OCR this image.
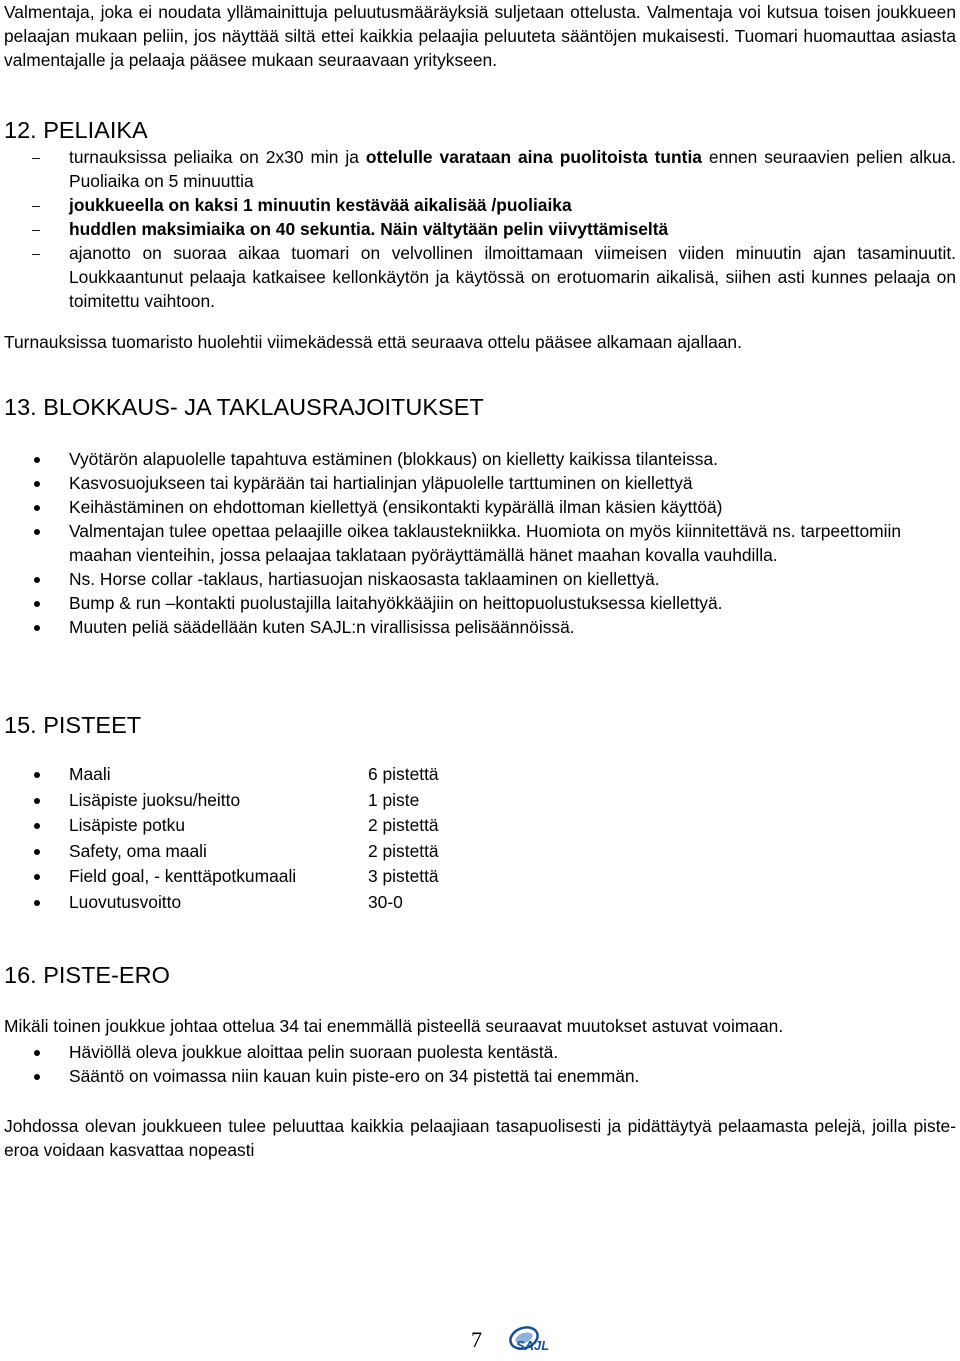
Valmentaja, joka ei noudata yllämainittuja peluutusmääräyksiä suljetaan ottelusta. Valmentaja voi kutsua toisen joukkueen pelaajan mukaan peliin, jos näyttää siltä ettei kaikkia pelaajia peluuteta sääntöjen mukaisesti. Tuomari huomauttaa asiasta valmentajalle ja pelaaja pääsee mukaan seuraavaan yritykseen.

12. PELIAIKA
– turnauksissa peliaika on 2x30 min ja ottelulle varataan aina puolitoista tuntia ennen seuraavien pelien alkua. Puoliaika on 5 minuuttia
– joukkueella on kaksi 1 minuutin kestävää aikalisää /puoliaika
– huddlen maksimiaika on 40 sekuntia. Näin vältytään pelin viivyttämiseltä
– ajanotto on suoraa aikaa tuomari on velvollinen ilmoittamaan viimeisen viiden minuutin ajan tasaminuutit. Loukkaantunut pelaaja katkaisee kellonkäytön ja käytössä on erotuomarin aikalisä, siihen asti kunnes pelaaja on toimitettu vaihtoon.

Turnauksissa tuomaristo huolehtii viimekädessä että seuraava ottelu pääsee alkamaan ajallaan.

13. BLOKKAUS- JA TAKLAUSRAJOITUKSET
Vyötärön alapuolelle tapahtuva estäminen (blokkaus) on kielletty kaikissa tilanteissa.
Kasvosuojukseen tai kypärään tai hartialinjan yläpuolelle tarttuminen on kiellettyä
Keihästäminen on ehdottoman kiellettyä (ensikontakti kypärällä ilman käsien käyttöä)
Valmentajan tulee opettaa pelaajille oikea taklaustekniikka. Huomiota on myös kiinnitettävä ns. tarpeettomiin maahan vienteihin, jossa pelaajaa taklataan pyöräyttämällä hänet maahan kovalla vauhdilla.
Ns. Horse collar -taklaus, hartiasuojan niskaosasta taklaaminen on kiellettyä.
Bump & run –kontakti puolustajilla laitahyökkääjiin on heittopuolustuksessa kiellettyä.
Muuten peliä säädellään kuten SAJL:n virallisissa pelisäännöissä.
15. PISTEET
Maali	6 pistettä
Lisäpiste juoksu/heitto	1 piste
Lisäpiste potku	2 pistettä
Safety, oma maali	2 pistettä
Field goal, - kenttäpotkumaali	3 pistettä
Luovutusvoitto	30-0
16. PISTE-ERO

Mikäli toinen joukkue johtaa ottelua 34 tai enemmällä pisteellä seuraavat muutokset astuvat voimaan.

Häviöllä oleva joukkue aloittaa pelin suoraan puolesta kentästä.
Sääntö on voimassa niin kauan kuin piste-ero on 34 pistettä tai enemmän.

Johdossa olevan joukkueen tulee peluuttaa kaikkia pelaajiaan tasapuolisesti ja pidättäytyä pelaamasta pelejä, joilla piste-eroa voidaan kasvattaa nopeasti

7	SAJL
